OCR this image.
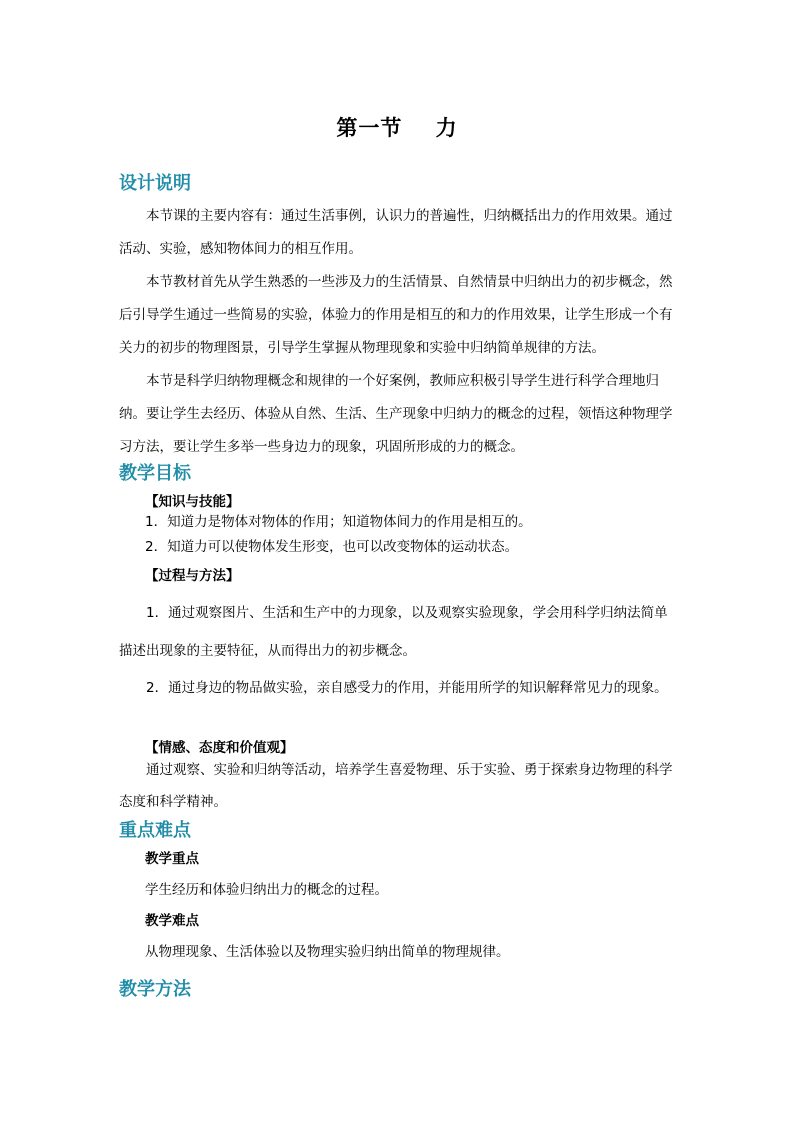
第一节    力
设计说明

本节课的主要内容有：通过生活事例，认识力的普遍性，归纳概括出力的作用效果。通过活动、实验，感知物体间力的相互作用。

本节教材首先从学生熟悉的一些涉及力的生活情景、自然情景中归纳出力的初步概念，然后引导学生通过一些简易的实验，体验力的作用是相互的和力的作用效果，让学生形成一个有关力的初步的物理图景，引导学生掌握从物理现象和实验中归纳简单规律的方法。

本节是科学归纳物理概念和规律的一个好案例，教师应积极引导学生进行科学合理地归纳。要让学生去经历、体验从自然、生活、生产现象中归纳力的概念的过程，领悟这种物理学习方法，要让学生多举一些身边力的现象，巩固所形成的力的概念。

教学目标
【知识与技能】
1．知道力是物体对物体的作用；知道物体间力的作用是相互的。
2．知道力可以使物体发生形变，也可以改变物体的运动状态。
【过程与方法】
1．通过观察图片、生活和生产中的力现象，以及观察实验现象，学会用科学归纳法简单描述出现象的主要特征，从而得出力的初步概念。
2．通过身边的物品做实验，亲自感受力的作用，并能用所学的知识解释常见力的现象。
【情感、态度和价值观】
通过观察、实验和归纳等活动，培养学生喜爱物理、乐于实验、勇于探索身边物理的科学态度和科学精神。
重点难点
教学重点
学生经历和体验归纳出力的概念的过程。
教学难点
从物理现象、生活体验以及物理实验归纳出简单的物理规律。
教学方法
